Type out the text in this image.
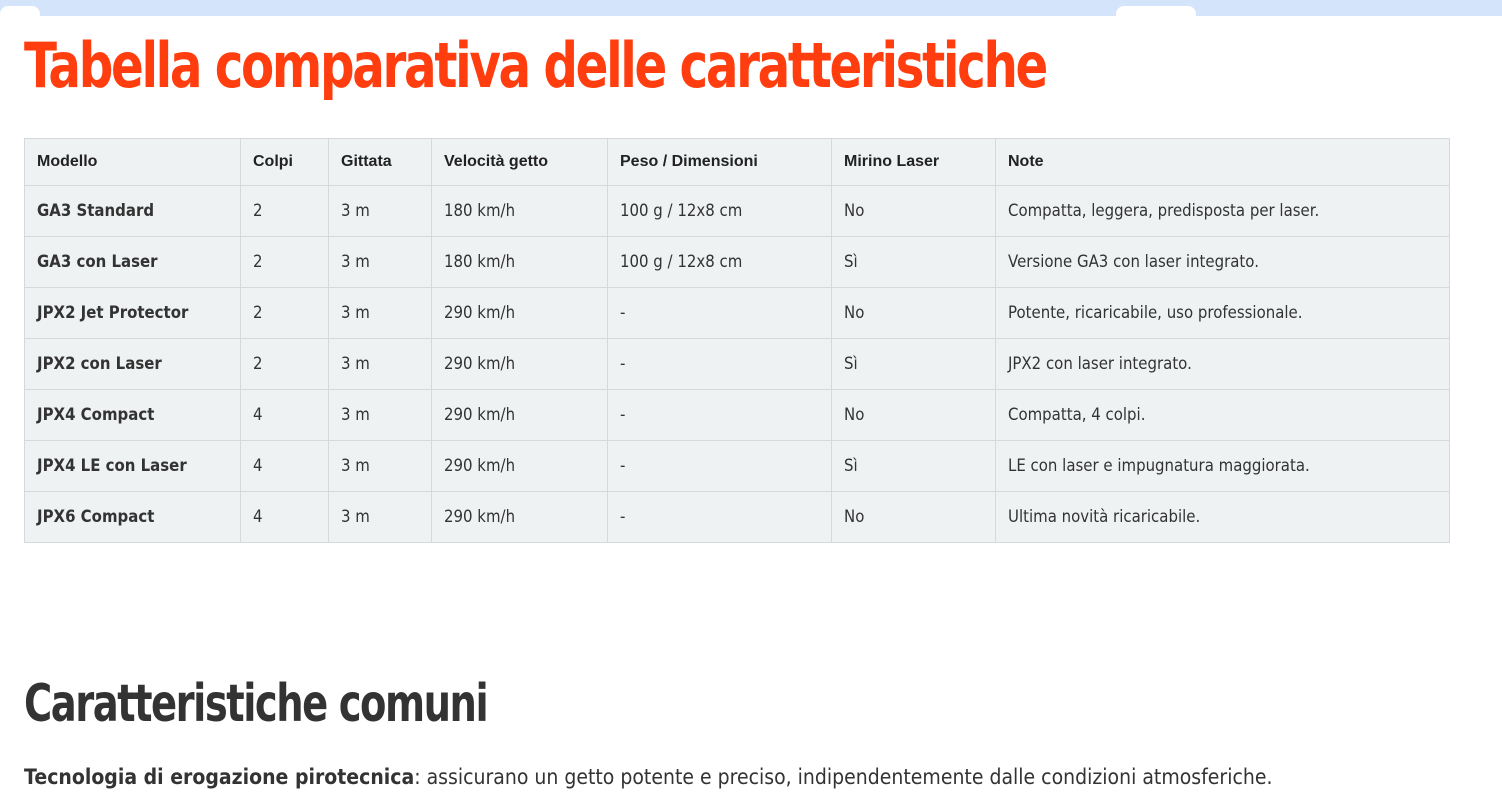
Tabella comparativa delle caratteristiche
Modello	Colpi	Gittata	Velocità getto	Peso / Dimensioni	Mirino Laser	Note
GA3 Standard	2	3 m	180 km/h	100 g / 12x8 cm	No	Compatta, leggera, predisposta per laser.
GA3 con Laser	2	3 m	180 km/h	100 g / 12x8 cm	Sì	Versione GA3 con laser integrato.
JPX2 Jet Protector	2	3 m	290 km/h	-	No	Potente, ricaricabile, uso professionale.
JPX2 con Laser	2	3 m	290 km/h	-	Sì	JPX2 con laser integrato.
JPX4 Compact	4	3 m	290 km/h	-	No	Compatta, 4 colpi.
JPX4 LE con Laser	4	3 m	290 km/h	-	Sì	LE con laser e impugnatura maggiorata.
JPX6 Compact	4	3 m	290 km/h	-	No	Ultima novità ricaricabile.
Caratteristiche comuni

Tecnologia di erogazione pirotecnica: assicurano un getto potente e preciso, indipendentemente dalle condizioni atmosferiche.
